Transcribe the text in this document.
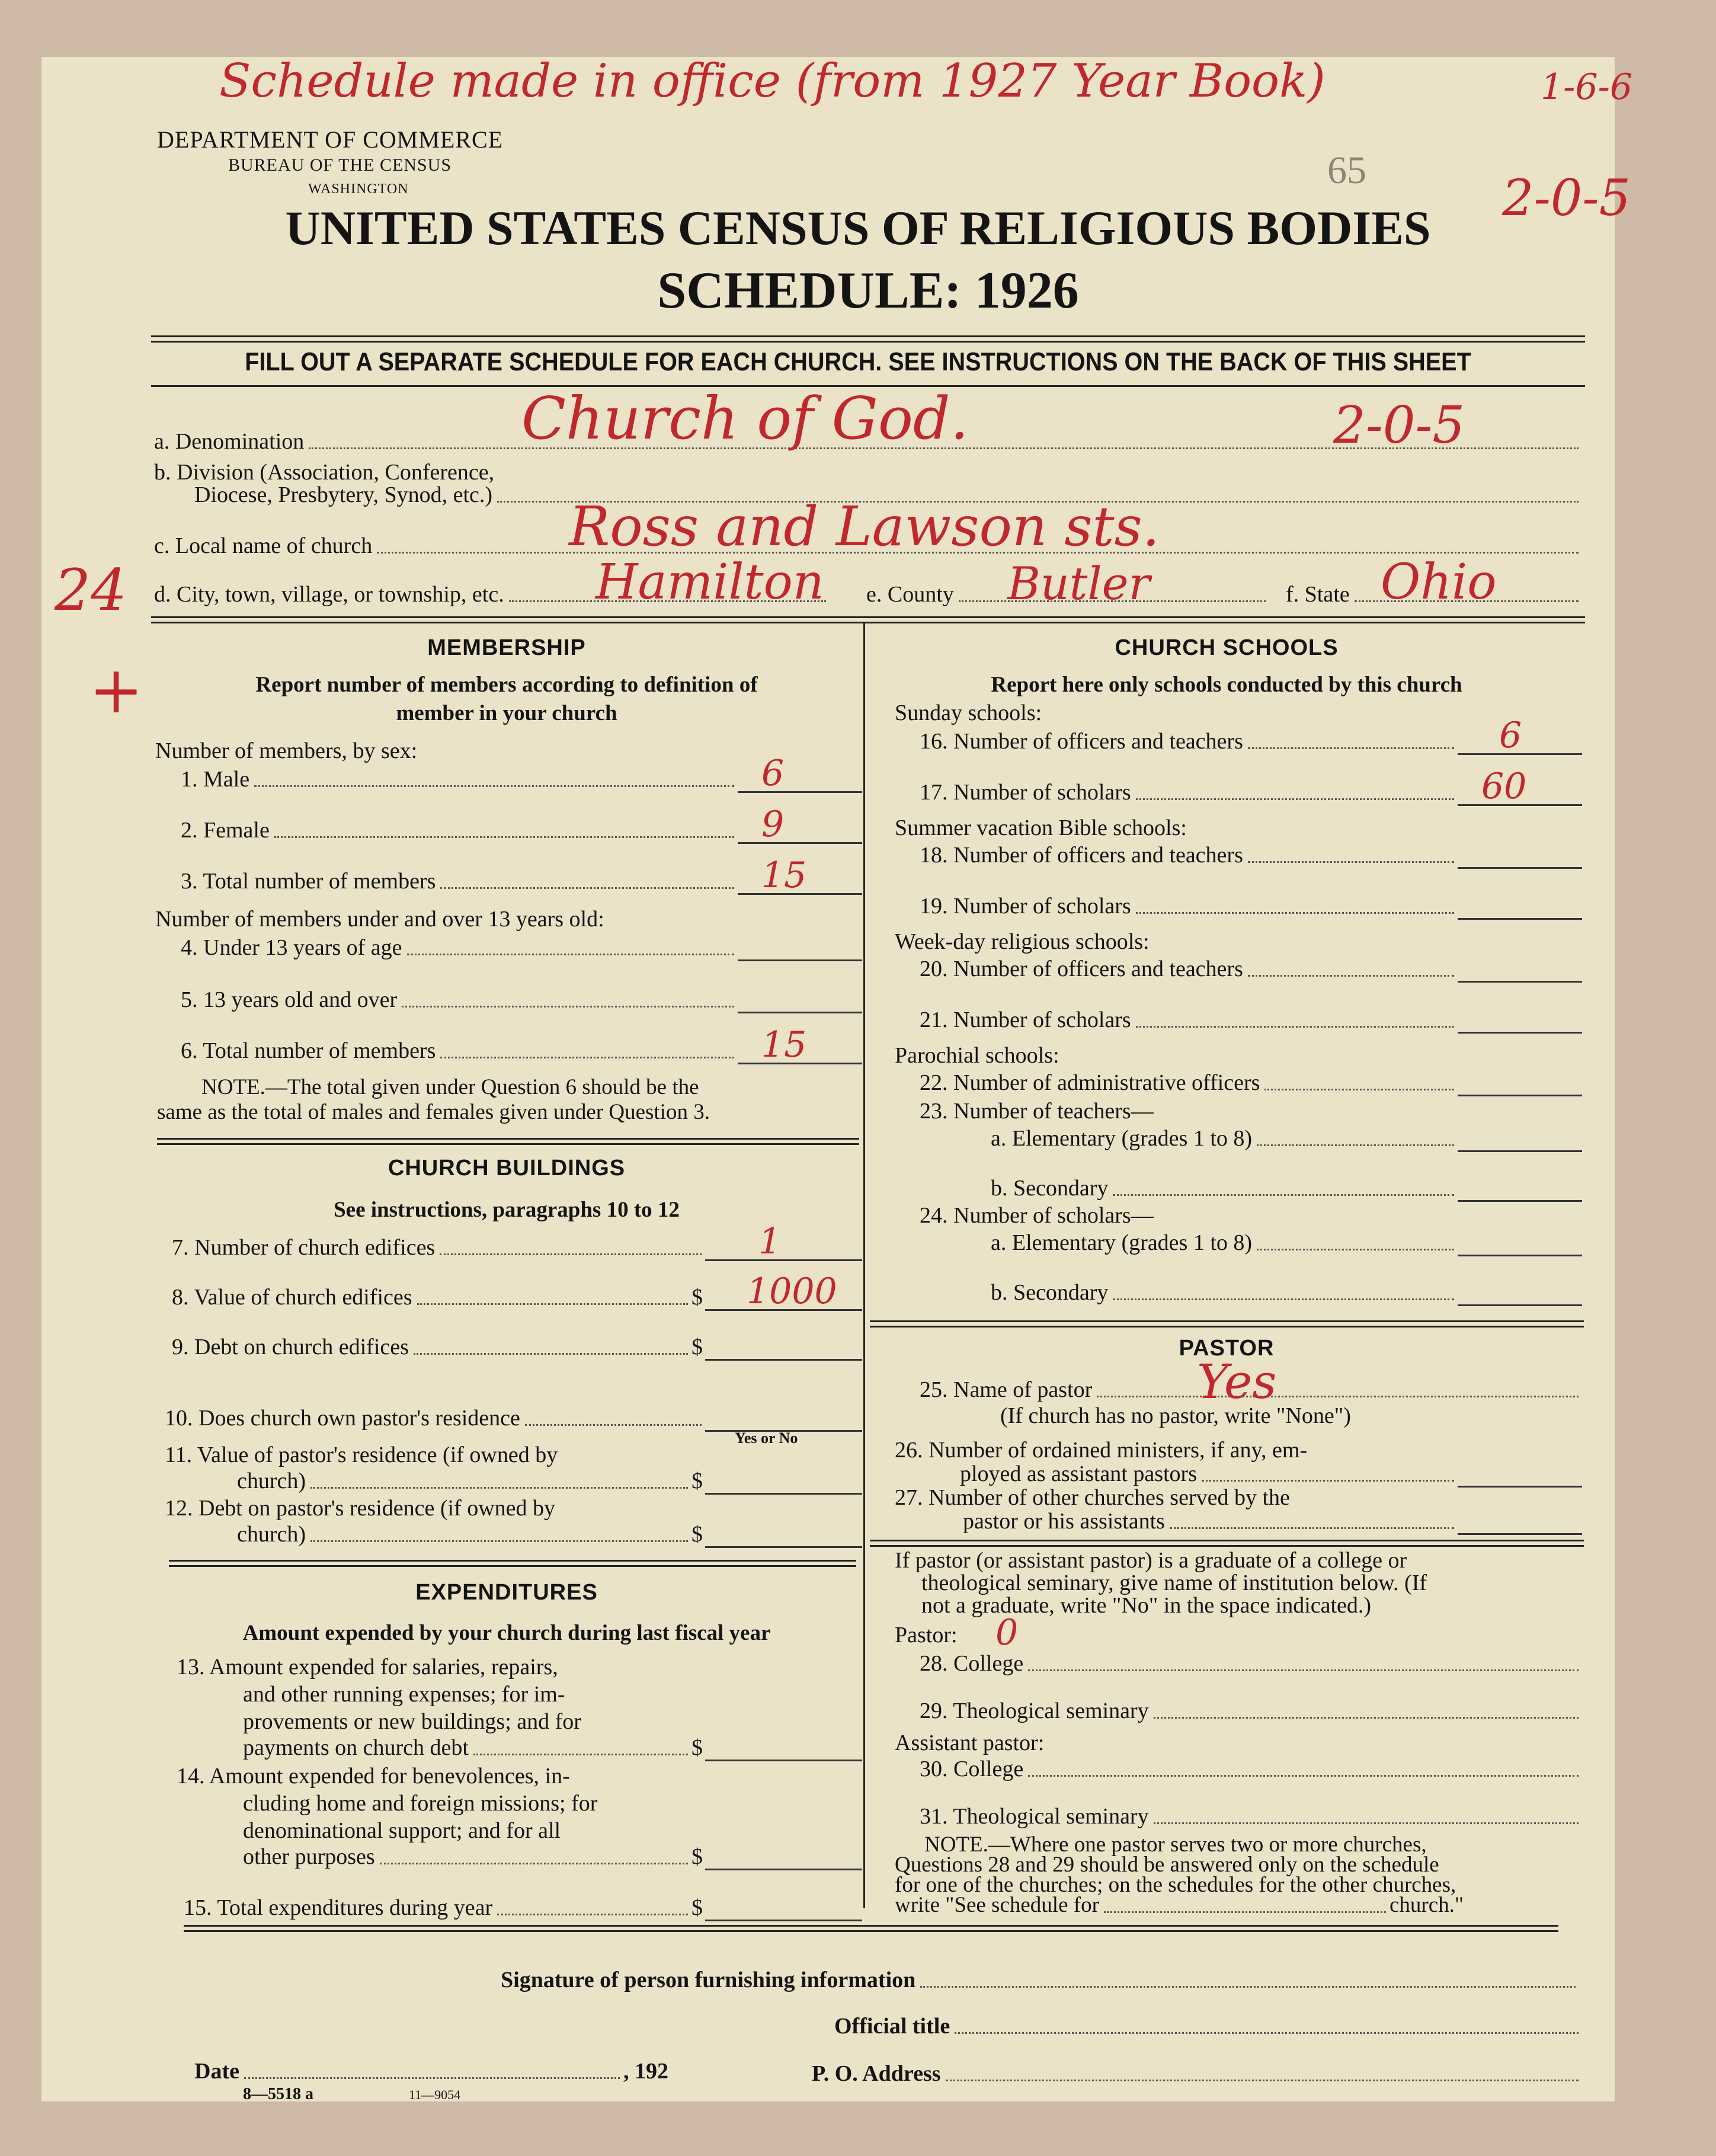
Schedule made in office (from 1927 Year Book)	1-6-6
65	2-0-5
24
+
DEPARTMENT OF COMMERCE
BUREAU OF THE CENSUS
WASHINGTON
UNITED STATES CENSUS OF RELIGIOUS BODIES
SCHEDULE: 1926
FILL OUT A SEPARATE SCHEDULE FOR EACH CHURCH. SEE INSTRUCTIONS ON THE BACK OF THIS SHEET
a. Denomination	Church of God.	2-0-5
b. Division (Association, Conference,
Diocese, Presbytery, Synod, etc.)
c. Local name of church	Ross and Lawson sts.
d. City, town, village, or township, etc. Hamilton e. County Butler	f. State Ohio
MEMBERSHIP
Report number of members according to definition of
member in your church
Number of members, by sex:
1. Male	6
2. Female	9
3. Total number of members	15
Number of members under and over 13 years old:
4. Under 13 years of age
5. 13 years old and over
6. Total number of members	15
NOTE.—The total given under Question 6 should be the
same as the total of males and females given under Question 3.
CHURCH BUILDINGS
See instructions, paragraphs 10 to 12
7. Number of church edifices	1
8. Value of church edifices	$ 1000
9. Debt on church edifices	$
10. Does church own pastor's residence
Yes or No
11. Value of pastor's residence (if owned by
church)	$
12. Debt on pastor's residence (if owned by
church)	$
EXPENDITURES
Amount expended by your church during last fiscal year
13. Amount expended for salaries, repairs,
and other running expenses; for im-
provements or new buildings; and for
payments on church debt	$
14. Amount expended for benevolences, in-
cluding home and foreign missions; for
denominational support; and for all
other purposes	$
15. Total expenditures during year	$
CHURCH SCHOOLS
Report here only schools conducted by this church
Sunday schools:
16. Number of officers and teachers	6
17. Number of scholars	60
Summer vacation Bible schools:
18. Number of officers and teachers
19. Number of scholars
Week-day religious schools:
20. Number of officers and teachers
21. Number of scholars
Parochial schools:
22. Number of administrative officers
23. Number of teachers—
a. Elementary (grades 1 to 8)
b. Secondary
24. Number of scholars—
a. Elementary (grades 1 to 8)
b. Secondary
PASTOR
25. Name of pastor Yes
(If church has no pastor, write "None")
26. Number of ordained ministers, if any, em-
ployed as assistant pastors
27. Number of other churches served by the
pastor or his assistants
If pastor (or assistant pastor) is a graduate of a college or
theological seminary, give name of institution below. (If
not a graduate, write "No" in the space indicated.)
Pastor: 0
28. College
29. Theological seminary
Assistant pastor:
30. College
31. Theological seminary
NOTE.—Where one pastor serves two or more churches,
Questions 28 and 29 should be answered only on the schedule
for one of the churches; on the schedules for the other churches,
write "See schedule for	church."
Signature of person furnishing information
Official title
Date	, 192	P. O. Address
8—5518 a	11—9054
